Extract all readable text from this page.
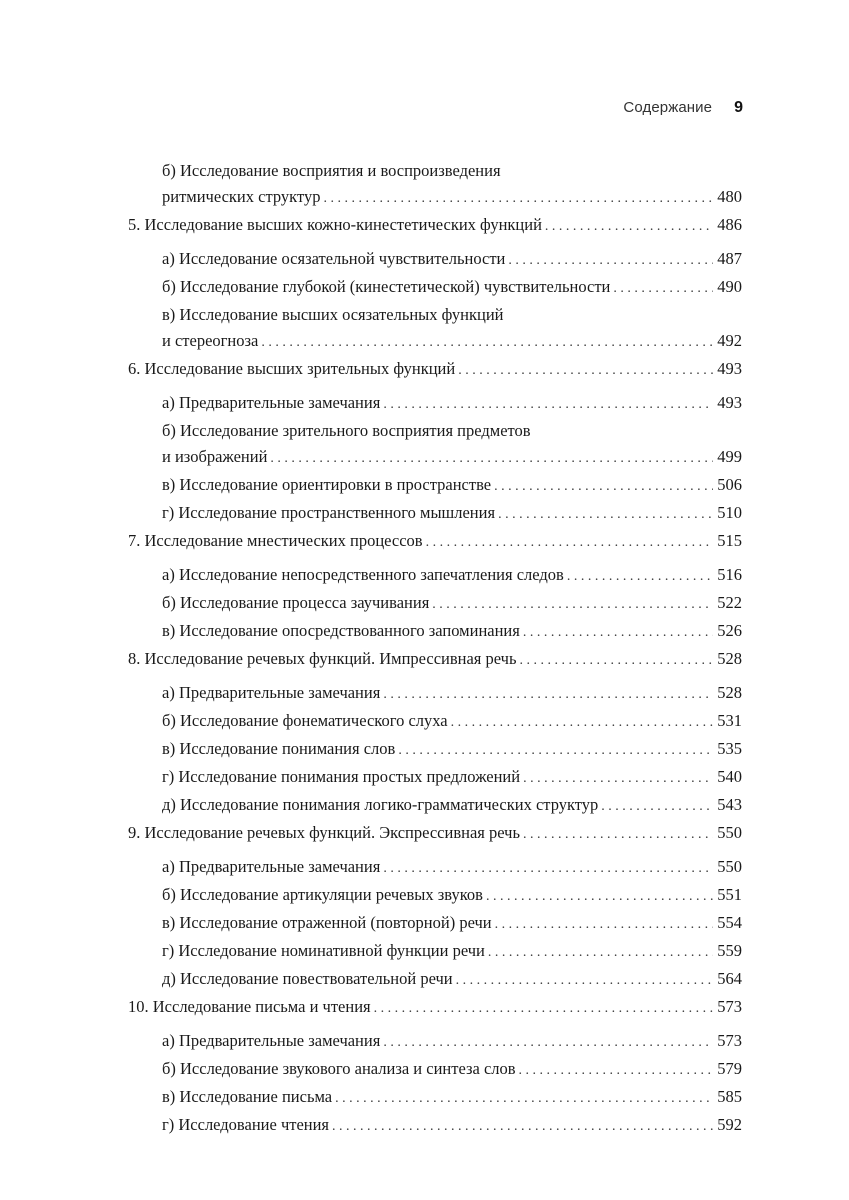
Содержание 9
б) Исследование восприятия и воспроизведения
ритмических структур . . .	480
5. Исследование высших кожно-кинестетических функций . . .	486
а) Исследование осязательной чувствительности . . .	487
б) Исследование глубокой (кинестетической) чувствительности . . .	490
в) Исследование высших осязательных функций
и стереогноза . . .	492
6. Исследование высших зрительных функций . . .	493
а) Предварительные замечания . . .	493
б) Исследование зрительного восприятия предметов
и изображений . . .	499
в) Исследование ориентировки в пространстве . . .	506
г) Исследование пространственного мышления . . .	510
7. Исследование мнестических процессов . . .	515
а) Исследование непосредственного запечатления следов . . .	516
б) Исследование процесса заучивания . . .	522
в) Исследование опосредствованного запоминания . . .	526
8. Исследование речевых функций. Импрессивная речь . . .	528
а) Предварительные замечания . . .	528
б) Исследование фонематического слуха . . .	531
в) Исследование понимания слов . . .	535
г) Исследование понимания простых предложений . . .	540
д) Исследование понимания логико-грамматических структур . . .	543
9. Исследование речевых функций. Экспрессивная речь . . .	550
а) Предварительные замечания . . .	550
б) Исследование артикуляции речевых звуков . . .	551
в) Исследование отраженной (повторной) речи . . .	554
г) Исследование номинативной функции речи . . .	559
д) Исследование повествовательной речи . . .	564
10. Исследование письма и чтения . . .	573
а) Предварительные замечания . . .	573
б) Исследование звукового анализа и синтеза слов . . .	579
в) Исследование письма . . .	585
г) Исследование чтения . . .	592
